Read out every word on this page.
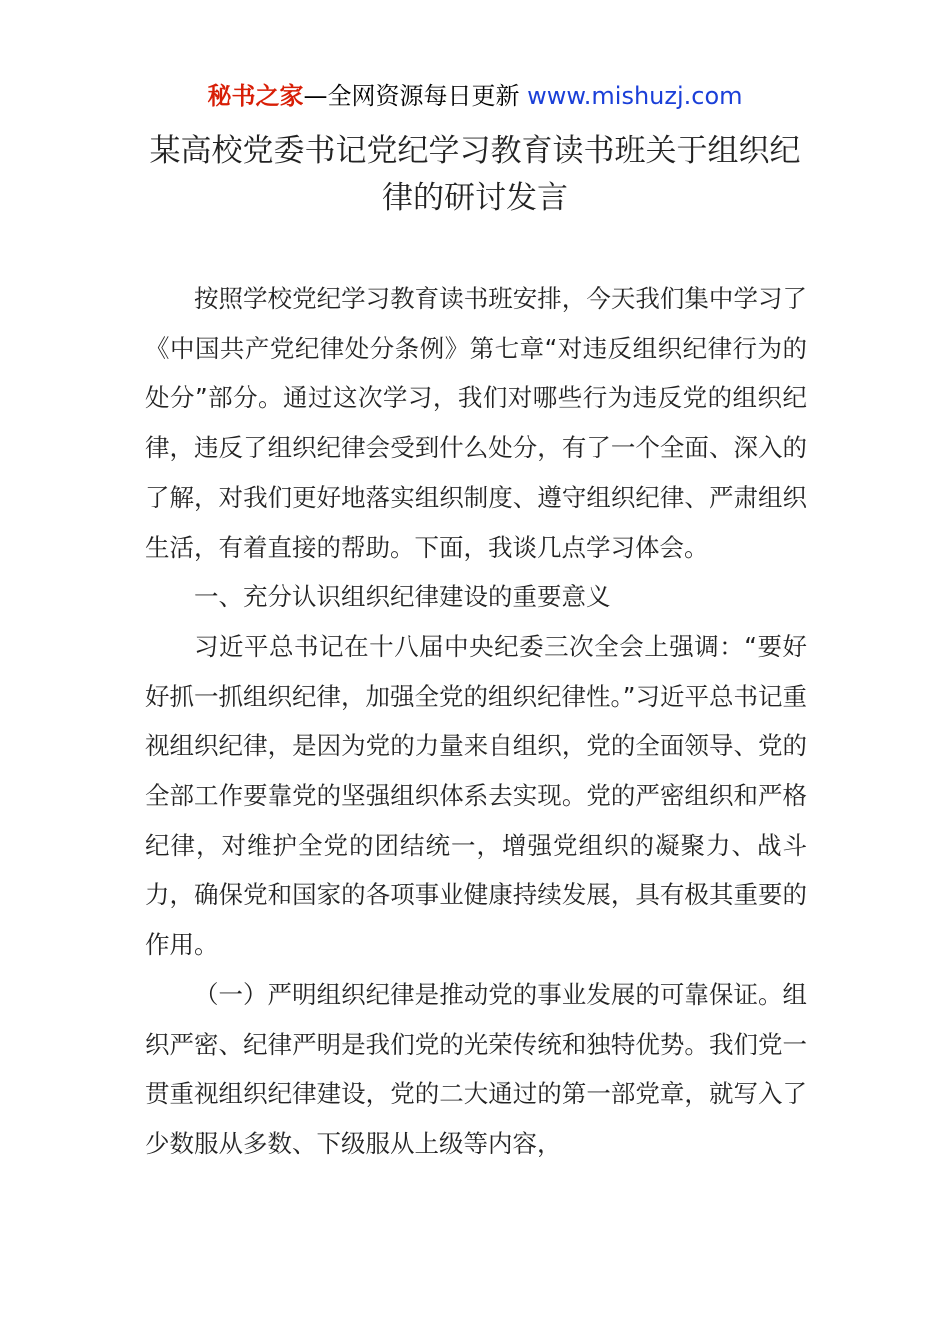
秘书之家—全网资源每日更新 www.mishuzj.com
某高校党委书记党纪学习教育读书班关于组织纪律的研讨发言

按照学校党纪学习教育读书班安排，今天我们集中学习了《中国共产党纪律处分条例》第七章“对违反组织纪律行为的处分”部分。通过这次学习，我们对哪些行为违反党的组织纪律，违反了组织纪律会受到什么处分，有了一个全面、深入的了解，对我们更好地落实组织制度、遵守组织纪律、严肃组织生活，有着直接的帮助。下面，我谈几点学习体会。

一、充分认识组织纪律建设的重要意义

习近平总书记在十八届中央纪委三次全会上强调：“要好好抓一抓组织纪律，加强全党的组织纪律性。”习近平总书记重视组织纪律，是因为党的力量来自组织，党的全面领导、党的全部工作要靠党的坚强组织体系去实现。党的严密组织和严格纪律，对维护全党的团结统一，增强党组织的凝聚力、战斗力，确保党和国家的各项事业健康持续发展，具有极其重要的作用。

（一）严明组织纪律是推动党的事业发展的可靠保证。组织严密、纪律严明是我们党的光荣传统和独特优势。我们党一贯重视组织纪律建设，党的二大通过的第一部党章，就写入了少数服从多数、下级服从上级等内容，
